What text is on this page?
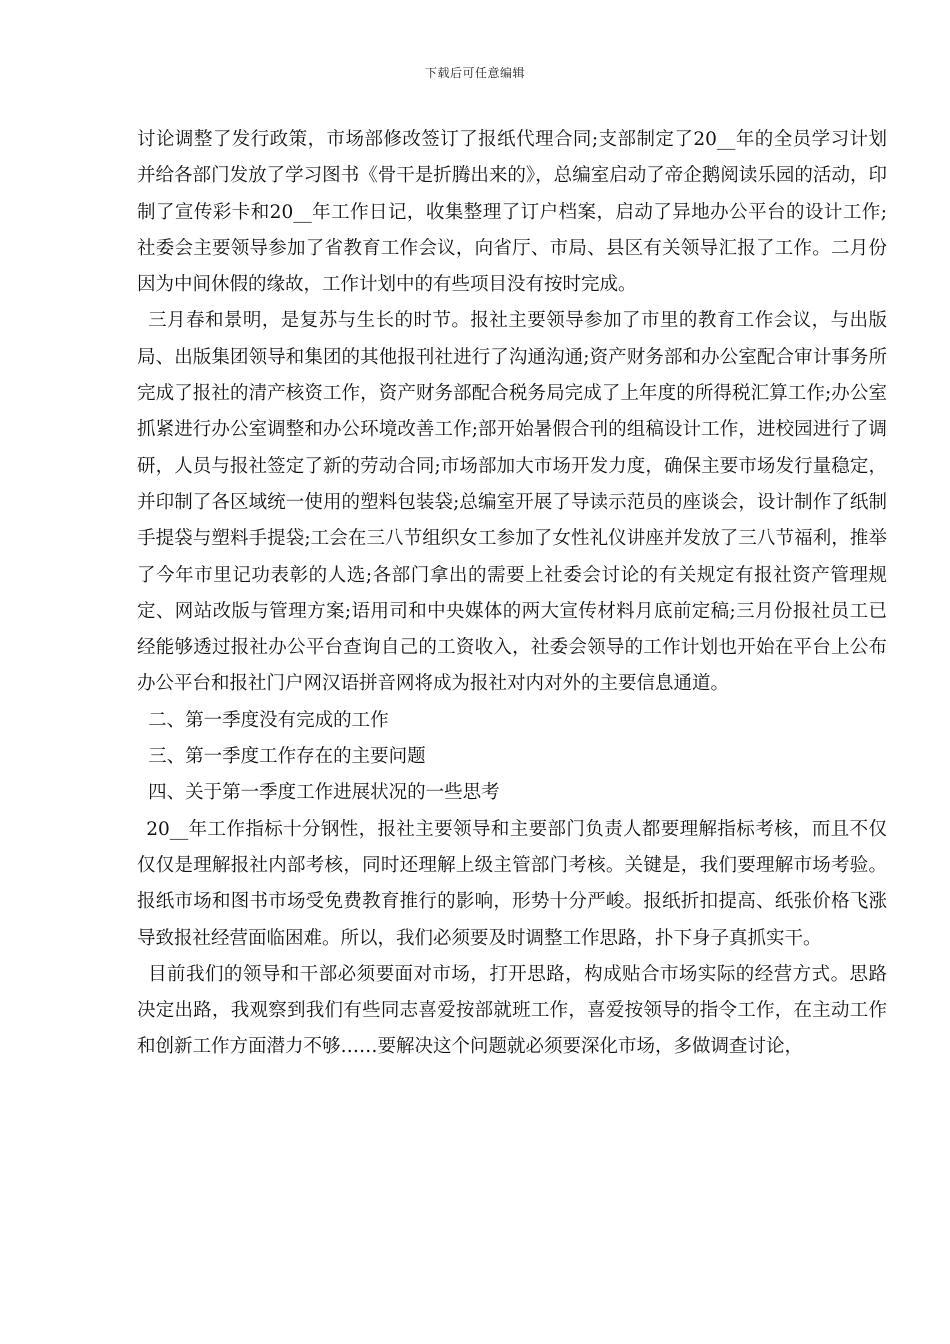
下载后可任意编辑

讨论调整了发行政策，市场部修改签订了报纸代理合同;支部制定了20__年的全员学习计划并给各部门发放了学习图书《骨干是折腾出来的》，总编室启动了帝企鹅阅读乐园的活动，印制了宣传彩卡和20__年工作日记，收集整理了订户档案，启动了异地办公平台的设计工作;社委会主要领导参加了省教育工作会议，向省厅、市局、县区有关领导汇报了工作。二月份因为中间休假的缘故，工作计划中的有些项目没有按时完成。

三月春和景明，是复苏与生长的时节。报社主要领导参加了市里的教育工作会议，与出版局、出版集团领导和集团的其他报刊社进行了沟通沟通;资产财务部和办公室配合审计事务所完成了报社的清产核资工作，资产财务部配合税务局完成了上年度的所得税汇算工作;办公室抓紧进行办公室调整和办公环境改善工作;部开始暑假合刊的组稿设计工作，进校园进行了调研，人员与报社签定了新的劳动合同;市场部加大市场开发力度，确保主要市场发行量稳定，并印制了各区域统一使用的塑料包装袋;总编室开展了导读示范员的座谈会，设计制作了纸制手提袋与塑料手提袋;工会在三八节组织女工参加了女性礼仪讲座并发放了三八节福利，推举了今年市里记功表彰的人选;各部门拿出的需要上社委会讨论的有关规定有报社资产管理规定、网站改版与管理方案;语用司和中央媒体的两大宣传材料月底前定稿;三月份报社员工已经能够透过报社办公平台查询自己的工资收入，社委会领导的工作计划也开始在平台上公布办公平台和报社门户网汉语拼音网将成为报社对内对外的主要信息通道。

二、第一季度没有完成的工作

三、第一季度工作存在的主要问题

四、关于第一季度工作进展状况的一些思考

20__年工作指标十分钢性，报社主要领导和主要部门负责人都要理解指标考核，而且不仅仅仅是理解报社内部考核，同时还理解上级主管部门考核。关键是，我们要理解市场考验。报纸市场和图书市场受免费教育推行的影响，形势十分严峻。报纸折扣提高、纸张价格飞涨导致报社经营面临困难。所以，我们必须要及时调整工作思路，扑下身子真抓实干。

目前我们的领导和干部必须要面对市场，打开思路，构成贴合市场实际的经营方式。思路决定出路，我观察到我们有些同志喜爱按部就班工作，喜爱按领导的指令工作，在主动工作和创新工作方面潜力不够……要解决这个问题就必须要深化市场，多做调查讨论，
